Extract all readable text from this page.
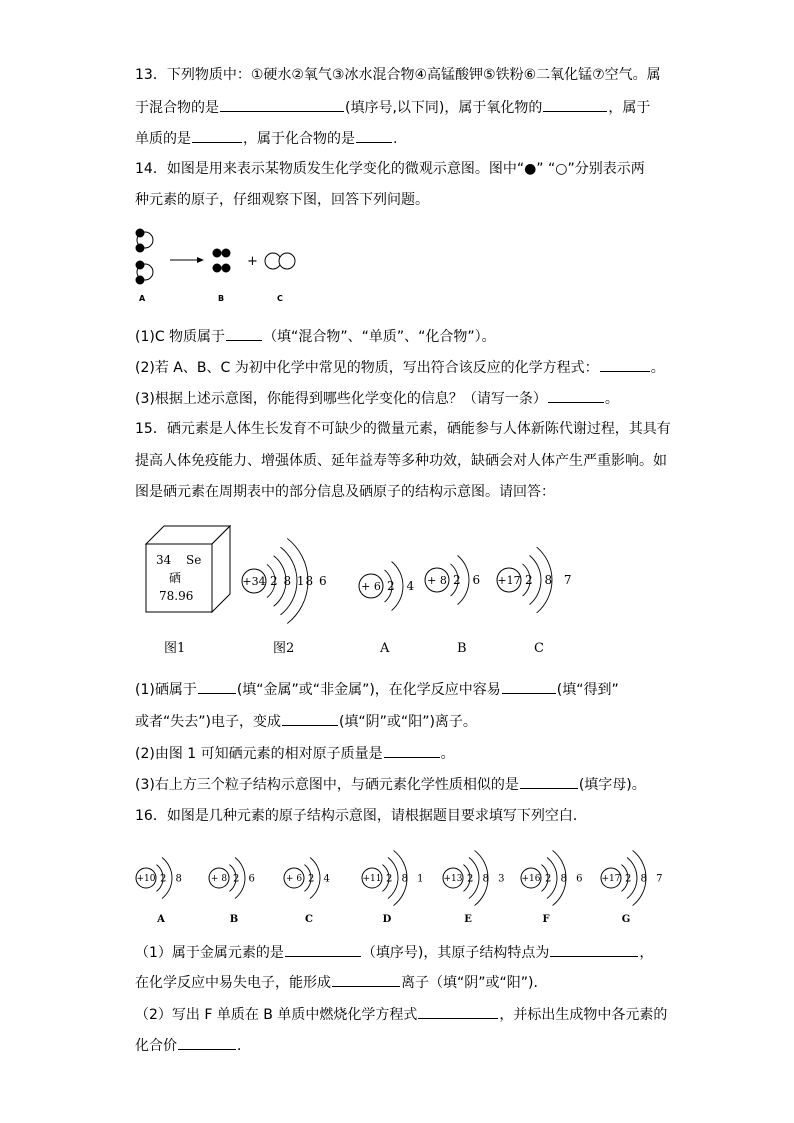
13．下列物质中：①硬水②氧气③冰水混合物④高锰酸钾⑤铁粉⑥二氧化锰⑦空气。属
于混合物的是	(填序号,以下同)，属于氧化物的	，属于
单质的是	，属于化合物的是	.
14．如图是用来表示某物质发生化学变化的微观示意图。图中“●” “○”分别表示两
种元素的原子，仔细观察下图，回答下列问题。
+
A	B	C
34 Se
硒
78.96
+34 2 8 18 6	+ 6 2 4 + 8 2 6 +17 2 8 7
图1	图2	A	B	C
+10 2 8
A
+ 8 2 6
B
+ 6 2 4
C
+11 2 8 1
D
+13 2 8 3
E
+16 2 8 6
F
+17 2 8 7
G
(1)C 物质属于	（填“混合物”、“单质”、“化合物”）。
(2)若 A、B、C 为初中化学中常见的物质，写出符合该反应的化学方程式：	。
(3)根据上述示意图，你能得到哪些化学变化的信息？（请写一条）	。
15．硒元素是人体生长发育不可缺少的微量元素，硒能参与人体新陈代谢过程，其具有
提高人体免疫能力、增强体质、延年益寿等多种功效，缺硒会对人体产生严重影响。如
图是硒元素在周期表中的部分信息及硒原子的结构示意图。请回答：
(1)硒属于	(填“金属”或“非金属”)，在化学反应中容易	(填“得到”
或者“失去”)电子，变成	(填“阴”或“阳”)离子。
(2)由图 1 可知硒元素的相对原子质量是	。
(3)右上方三个粒子结构示意图中，与硒元素化学性质相似的是	(填字母)。
16．如图是几种元素的原子结构示意图，请根据题目要求填写下列空白．
（1）属于金属元素的是	（填序号)，其原子结构特点为	，
在化学反应中易失电子，能形成	离子（填“阴”或“阳”)．
（2）写出 F 单质在 B 单质中燃烧化学方程式	，并标出生成物中各元素的
化合价	．
